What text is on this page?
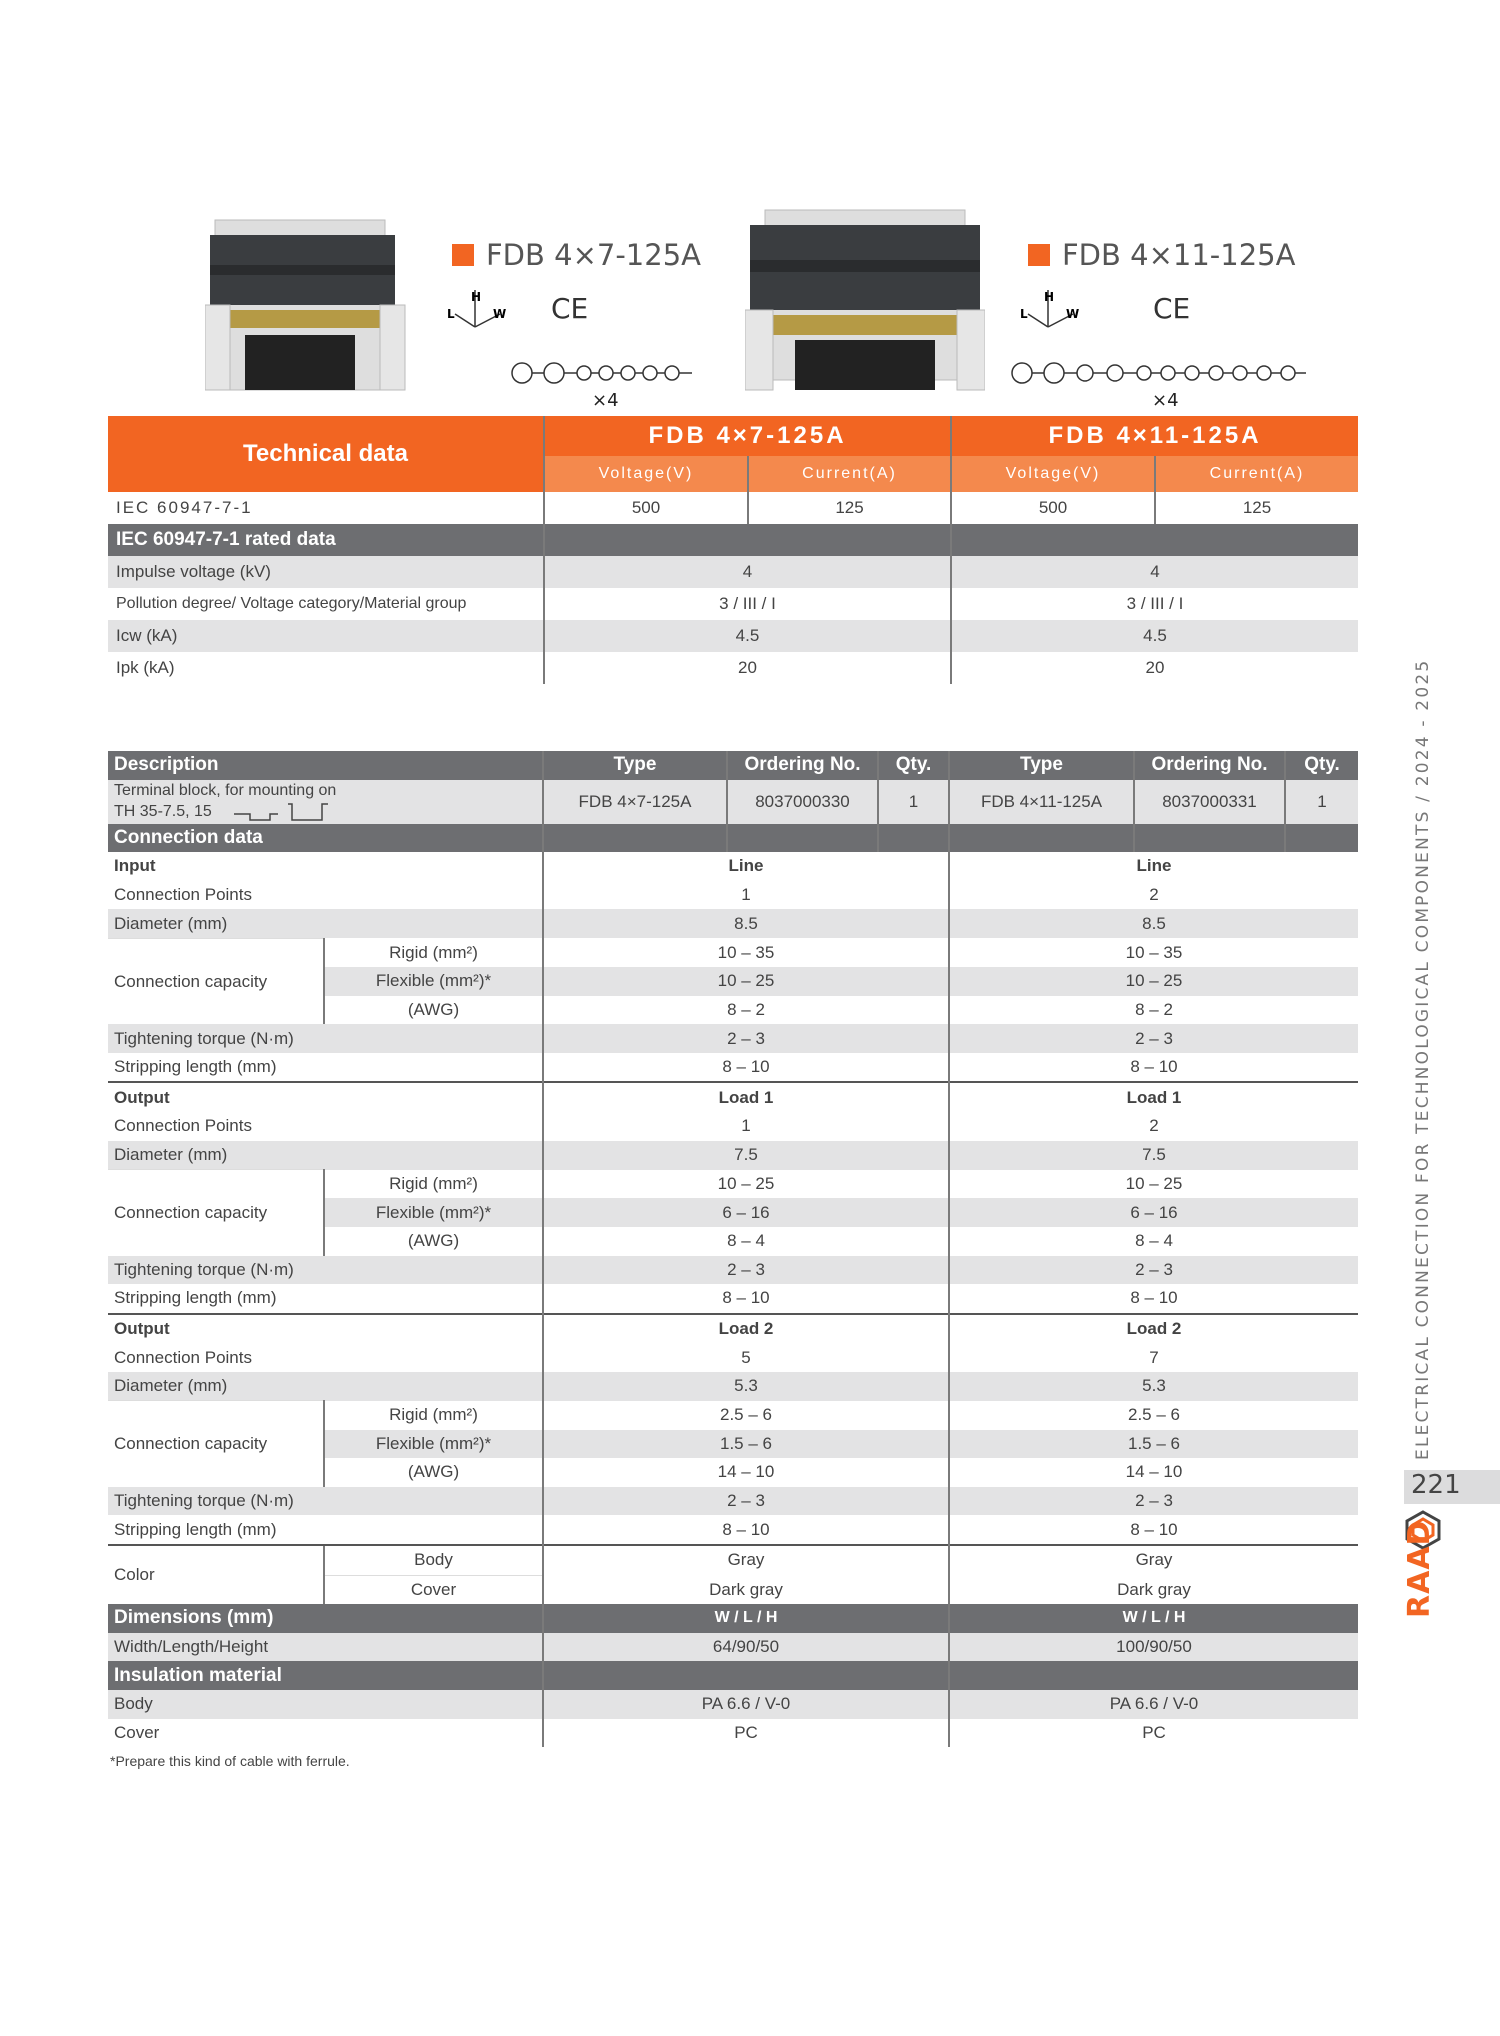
FDB 4×7-125A
H
L	W CE
×4
FDB 4×11-125A
H
L	W	CE
×4
Technical data	FDB 4×7-125A		FDB 4×11-125A	
	Voltage(V)	Current(A)	Voltage(V)	Current(A)
IEC 60947-7-1	500	125	500	125
IEC 60947-7-1 rated data				
Impulse voltage (kV)	4		4	
Pollution degree/ Voltage category/Material group	3 / III / I		3 / III / I	
Icw (kA)	4.5		4.5	
Ipk (kA)	20		20	
Description		Type	Ordering No.	Qty.	Type	Ordering No.	Qty.

Terminal block, for mounting on
TH 35-7.5, 15		FDB 4×7-125A	8037000330	1	FDB 4×11-125A	8037000331	1
Connection data							
Input		Line			Line		
Connection Points		1			2		
Diameter (mm)		8.5			8.5		
Connection capacity	Rigid (mm²)	10 – 35			10 – 35		
	Flexible (mm²)*	10 – 25			10 – 25		
	(AWG)	8 – 2			8 – 2		
Tightening torque (N·m)		2 – 3			2 – 3		
Stripping length (mm)		8 – 10			8 – 10		
Output		Load 1			Load 1		
Connection Points		1			2		
Diameter (mm)		7.5			7.5		
Connection capacity	Rigid (mm²)	10 – 25			10 – 25		
	Flexible (mm²)*	6 – 16			6 – 16		
	(AWG)	8 – 4			8 – 4		
Tightening torque (N·m)		2 – 3			2 – 3		
Stripping length (mm)		8 – 10			8 – 10		
Output		Load 2			Load 2		
Connection Points		5			7		
Diameter (mm)		5.3			5.3		
Connection capacity	Rigid (mm²)	2.5 – 6			2.5 – 6		
	Flexible (mm²)*	1.5 – 6			1.5 – 6		
	(AWG)	14 – 10			14 – 10		
Tightening torque (N·m)		2 – 3			2 – 3		
Stripping length (mm)		8 – 10			8 – 10		
Color	Body	Gray			Gray		
	Cover	Dark gray			Dark gray		
Dimensions (mm)		W / L / H			W / L / H		
Width/Length/Height		64/90/50			100/90/50		
Insulation material							
Body		PA 6.6 / V-0			PA 6.6 / V-0		
Cover		PC			PC		
*Prepare this kind of cable with ferrule.
ELECTRICAL CONNECTION FOR TECHNOLOGICAL COMPONENTS / 2024 - 2025
221
RAAD
